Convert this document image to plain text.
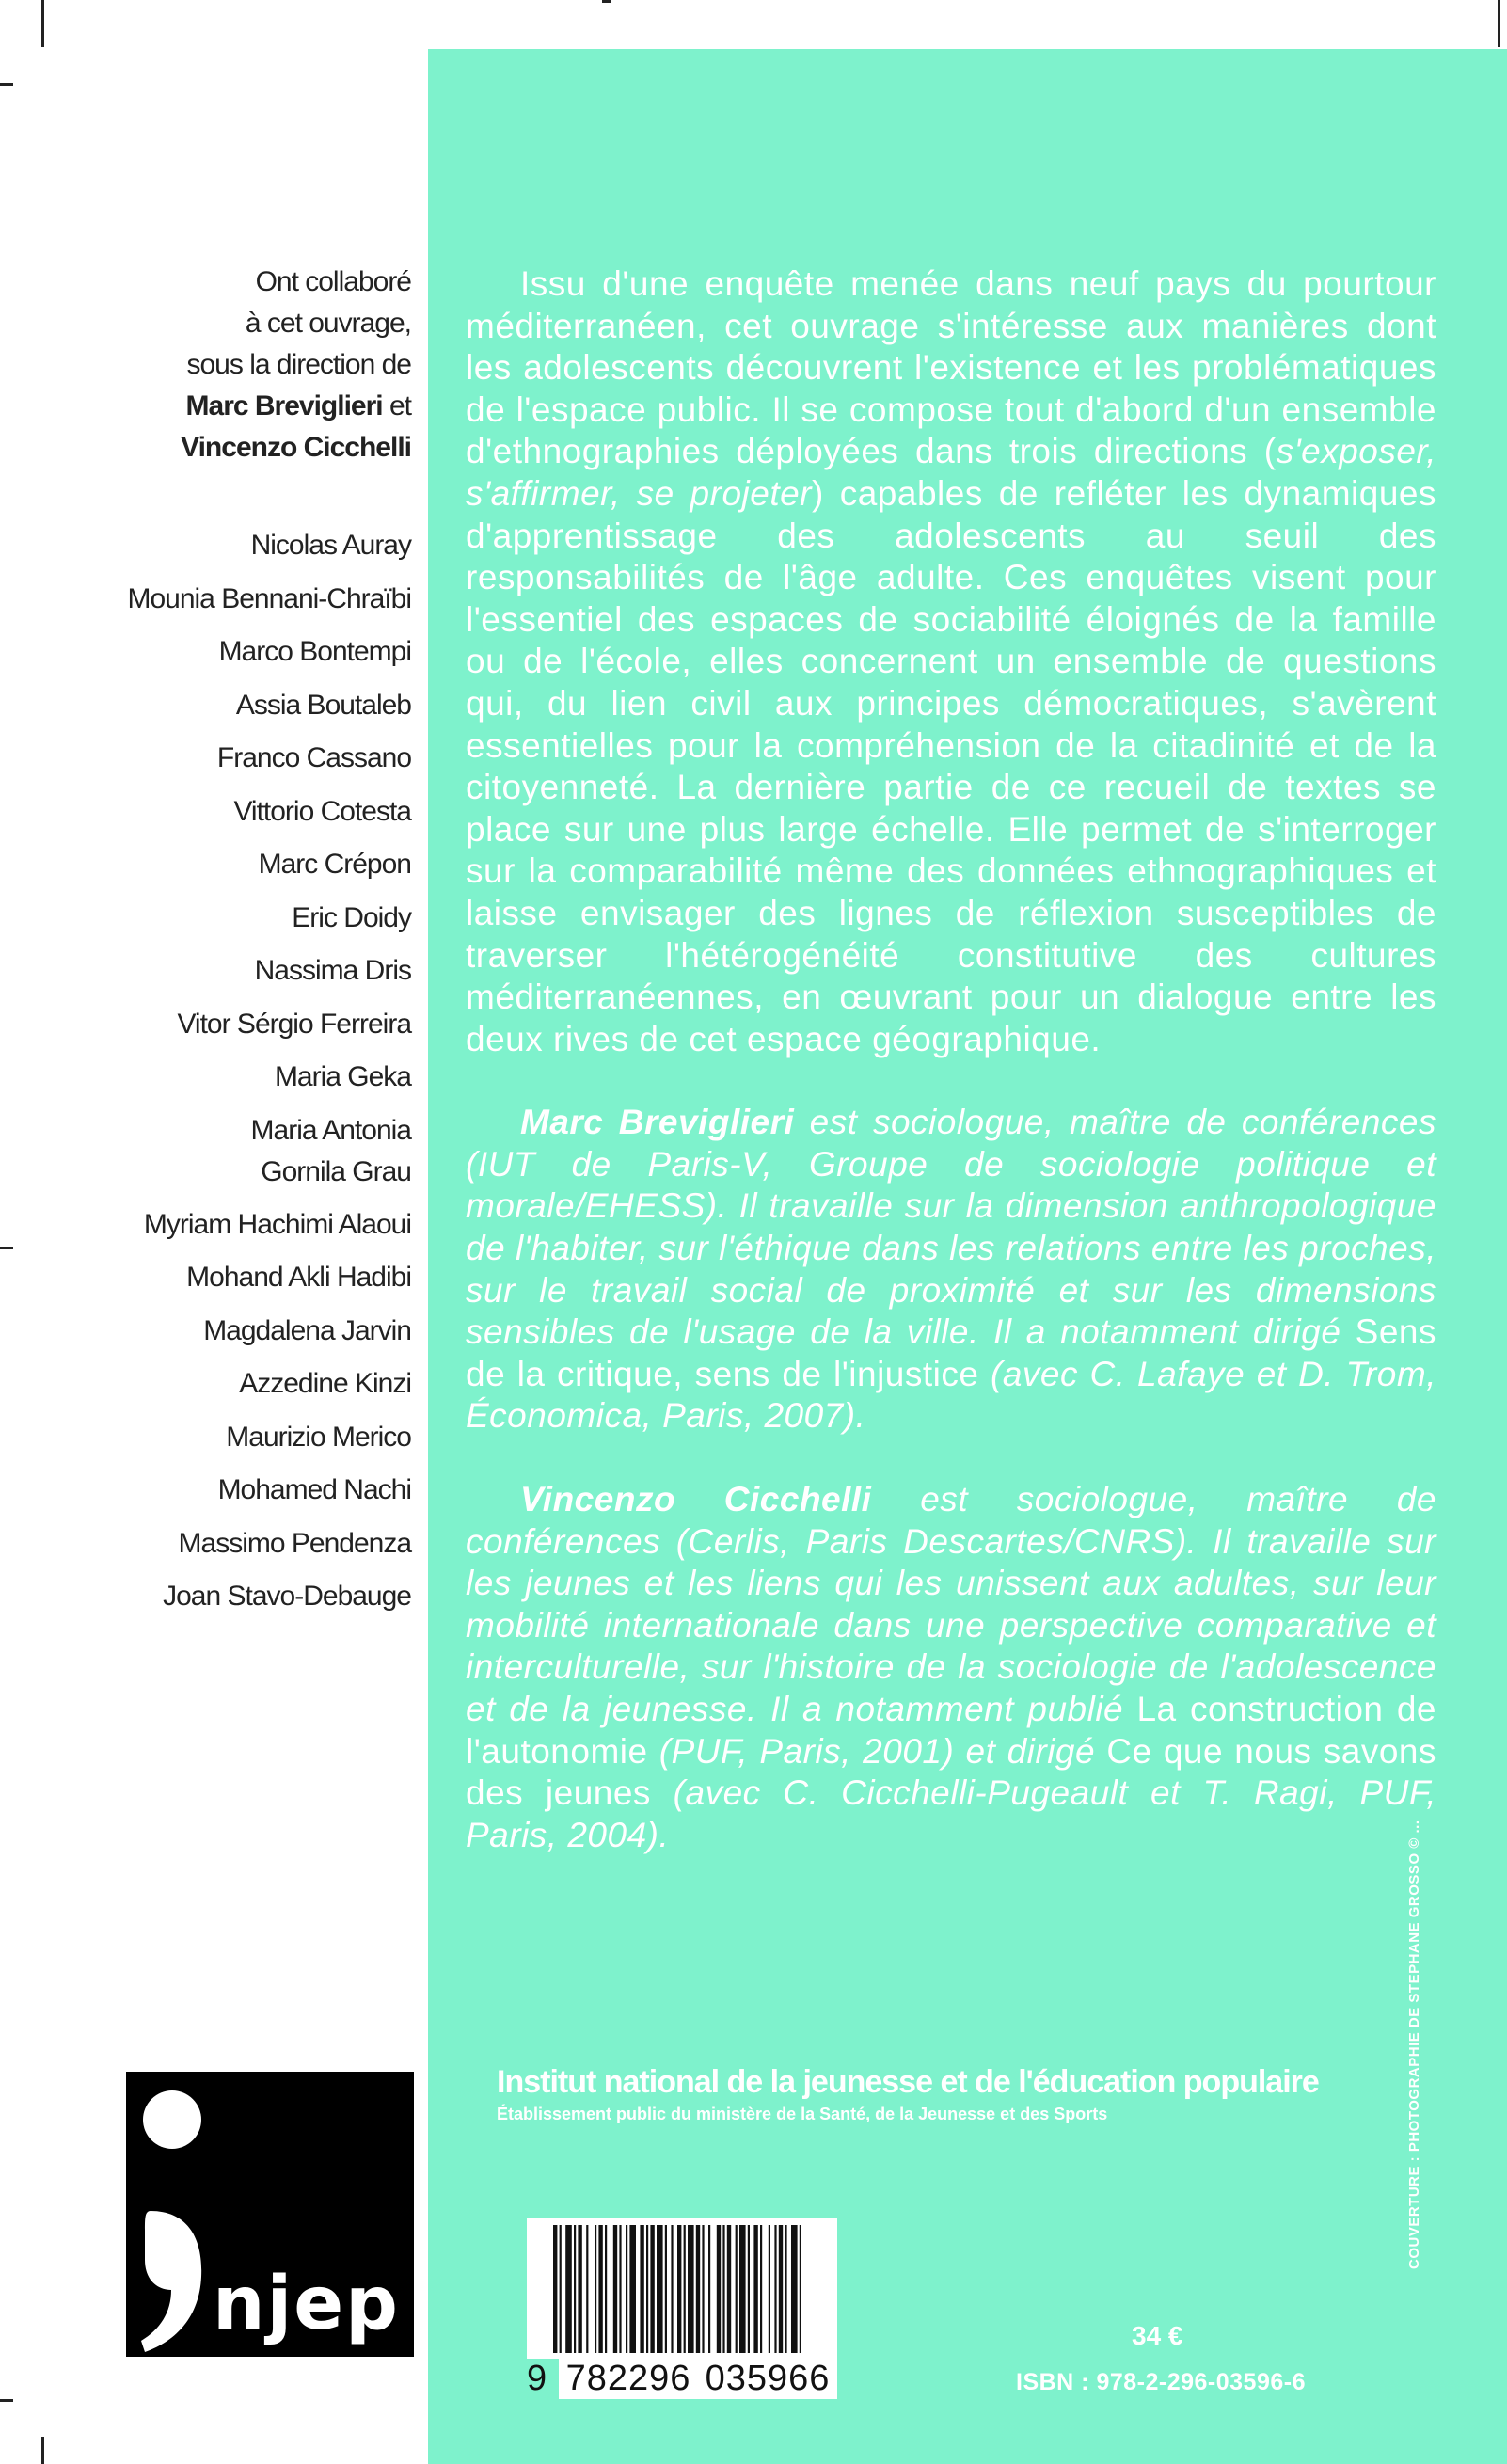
Ont collaboré
à cet ouvrage,
sous la direction de
Marc Breviglieri et
Vincenzo Cicchelli
Nicolas Auray
Mounia Bennani-Chraïbi
Marco Bontempi
Assia Boutaleb
Franco Cassano
Vittorio Cotesta
Marc Crépon
Eric Doidy
Nassima Dris
Vitor Sérgio Ferreira
Maria Geka
Maria Antonia
Gornila Grau
Myriam Hachimi Alaoui
Mohand Akli Hadibi
Magdalena Jarvin
Azzedine Kinzi
Maurizio Merico
Mohamed Nachi
Massimo Pendenza
Joan Stavo-Debauge
njep

Issu d'une enquête menée dans neuf pays du pourtour méditerranéen, cet ouvrage s'intéresse aux manières dont les adolescents découvrent l'existence et les problématiques de l'espace public. Il se compose tout d'abord d'un ensemble d'ethnographies déployées dans trois directions (s'exposer, s'affirmer, se projeter) capables de refléter les dynamiques d'apprentissage des adolescents au seuil des responsabilités de l'âge adulte. Ces enquêtes visent pour l'essentiel des espaces de sociabilité éloignés de la famille ou de l'école, elles concernent un ensemble de questions qui, du lien civil aux principes démocratiques, s'avèrent essentielles pour la compréhension de la citadinité et de la citoyenneté. La dernière partie de ce recueil de textes se place sur une plus large échelle. Elle permet de s'interroger sur la comparabilité même des données ethnographiques et laisse envisager des lignes de réflexion susceptibles de traverser l'hétérogénéité constitutive des cultures méditerranéennes, en œuvrant pour un dialogue entre les deux rives de cet espace géographique.

Marc Breviglieri est sociologue, maître de conférences (IUT de Paris-V, Groupe de sociologie politique et morale/EHESS). Il travaille sur la dimension anthropologique de l'habiter, sur l'éthique dans les relations entre les proches, sur le travail social de proximité et sur les dimensions sensibles de l'usage de la ville. Il a notamment dirigé Sens de la critique, sens de l'injustice (avec C. Lafaye et D. Trom, Économica, Paris, 2007).

Vincenzo Cicchelli est sociologue, maître de conférences (Cerlis, Paris Descartes/CNRS). Il travaille sur les jeunes et les liens qui les unissent aux adultes, sur leur mobilité internationale dans une perspective comparative et interculturelle, sur l'histoire de la sociologie de l'adolescence et de la jeunesse. Il a notamment publié La construction de l'autonomie (PUF, Paris, 2001) et dirigé Ce que nous savons des jeunes (avec C. Cicchelli-Pugeault et T. Ragi, PUF, Paris, 2004).

Institut national de la jeunesse et de l'éducation populaire
Établissement public du ministère de la Santé, de la Jeunesse et des Sports
9 782296 035966
34 €
ISBN : 978-2-296-03596-6
COUVERTURE : PHOTOGRAPHIE DE STEPHANE GROSSO © ...
